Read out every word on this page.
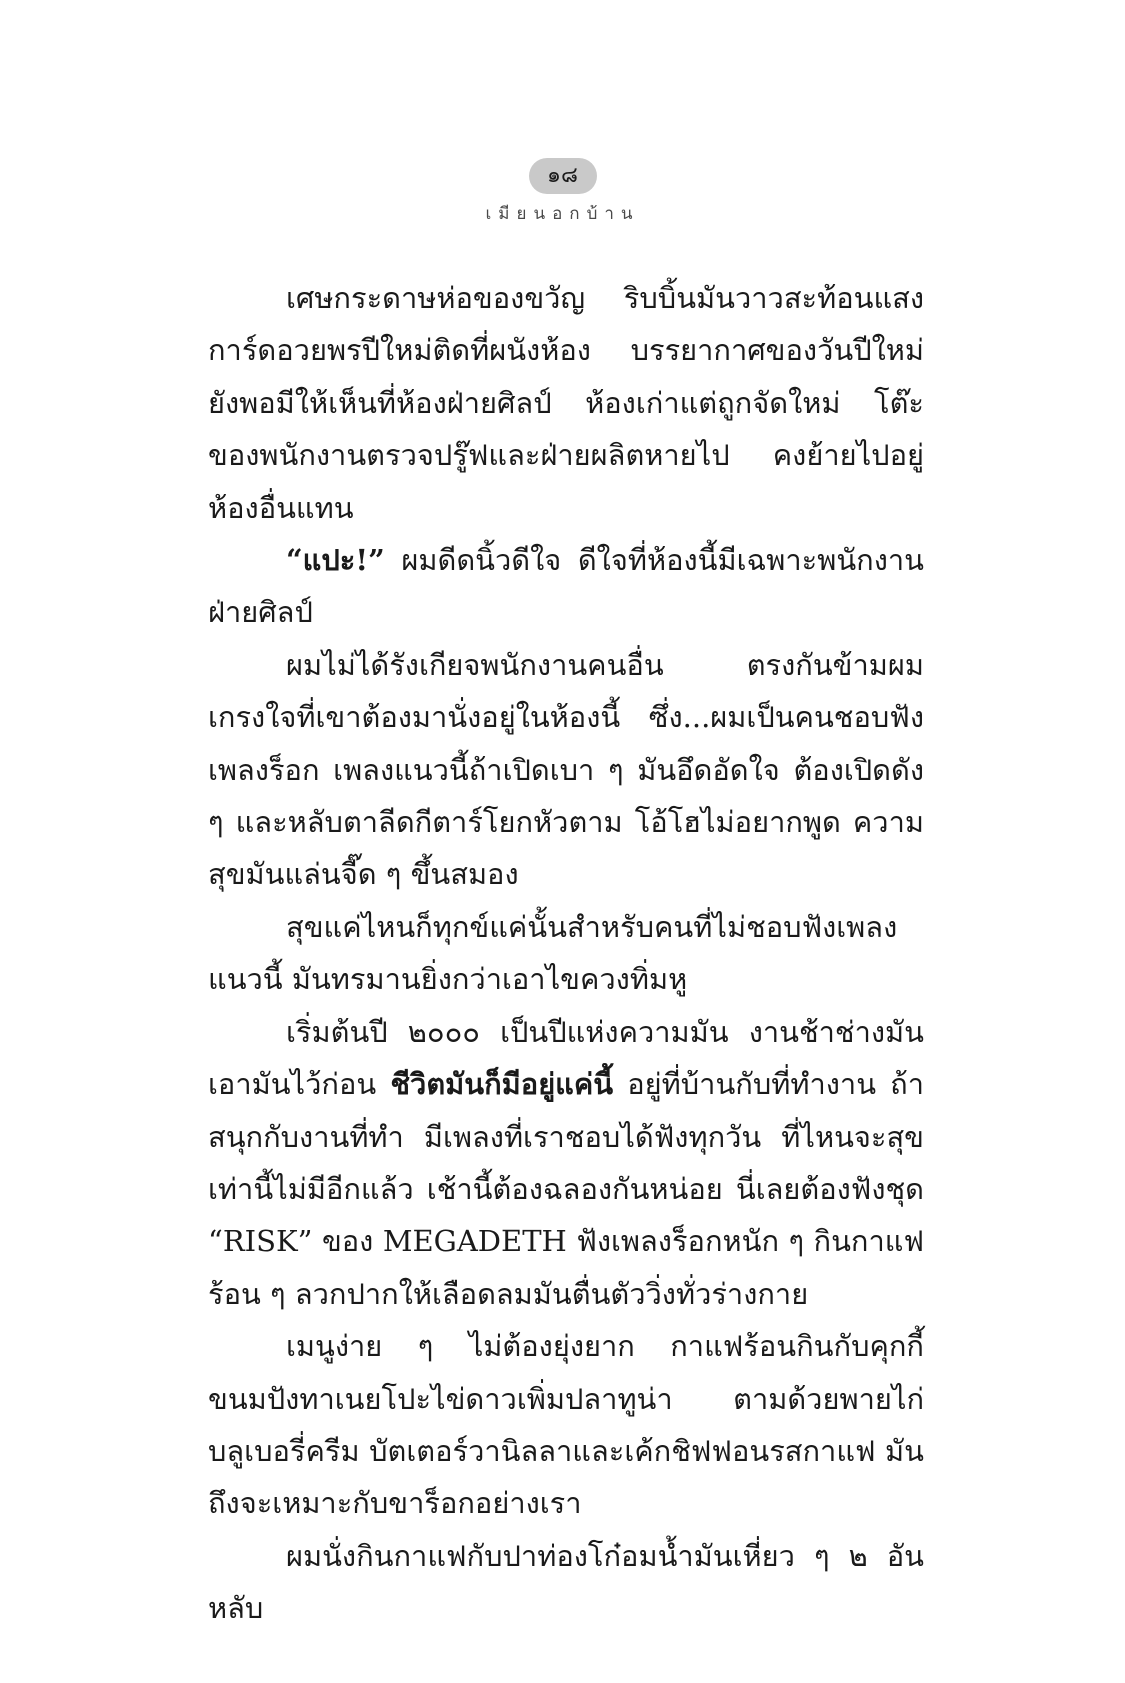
๑๘
เมียนอกบ้าน

เศษกระดาษห่อของขวัญ ริบบิ้นมันวาวสะท้อนแสง การ์ดอวยพรปีใหม่ติดที่ผนังห้อง บรรยากาศของวันปีใหม่ยังพอมีให้เห็นที่ห้องฝ่ายศิลป์ ห้องเก่าแต่ถูกจัดใหม่ โต๊ะของพนักงานตรวจปรู๊ฟและฝ่ายผลิตหายไป คงย้ายไปอยู่ห้องอื่นแทน

“แปะ!” ผมดีดนิ้วดีใจ ดีใจที่ห้องนี้มีเฉพาะพนักงานฝ่ายศิลป์

ผมไม่ได้รังเกียจพนักงานคนอื่น ตรงกันข้ามผมเกรงใจที่เขาต้องมานั่งอยู่ในห้องนี้ ซึ่ง...ผมเป็นคนชอบฟังเพลงร็อก เพลงแนวนี้ถ้าเปิดเบา ๆ มันอึดอัดใจ ต้องเปิดดัง ๆ และหลับตาลีดกีตาร์โยกหัวตาม โอ้โฮไม่อยากพูด ความสุขมันแล่นจี๊ด ๆ ขึ้นสมอง

สุขแค่ไหนก็ทุกข์แค่นั้นสำหรับคนที่ไม่ชอบฟังเพลงแนวนี้ มันทรมานยิ่งกว่าเอาไขควงทิ่มหู

เริ่มต้นปี ๒๐๐๐ เป็นปีแห่งความมัน งานช้าช่างมันเอามันไว้ก่อน ชีวิตมันก็มีอยู่แค่นี้ อยู่ที่บ้านกับที่ทำงาน ถ้าสนุกกับงานที่ทำ มีเพลงที่เราชอบได้ฟังทุกวัน ที่ไหนจะสุขเท่านี้ไม่มีอีกแล้ว เช้านี้ต้องฉลองกันหน่อย นี่เลยต้องฟังชุด “RISK” ของ MEGADETH ฟังเพลงร็อกหนัก ๆ กินกาแฟร้อน ๆ ลวกปากให้เลือดลมมันตื่นตัววิ่งทั่วร่างกาย

เมนูง่าย ๆ ไม่ต้องยุ่งยาก กาแฟร้อนกินกับคุกกี้ ขนมปังทาเนยโปะไข่ดาวเพิ่มปลาทูน่า ตามด้วยพายไก่ บลูเบอรี่ครีม บัตเตอร์วานิลลาและเค้กชิฟฟอนรสกาแฟ มันถึงจะเหมาะกับขาร็อกอย่างเรา

ผมนั่งกินกาแฟกับปาท่องโก๋อมน้ำมันเหี่ยว ๆ ๒ อัน หลับ
